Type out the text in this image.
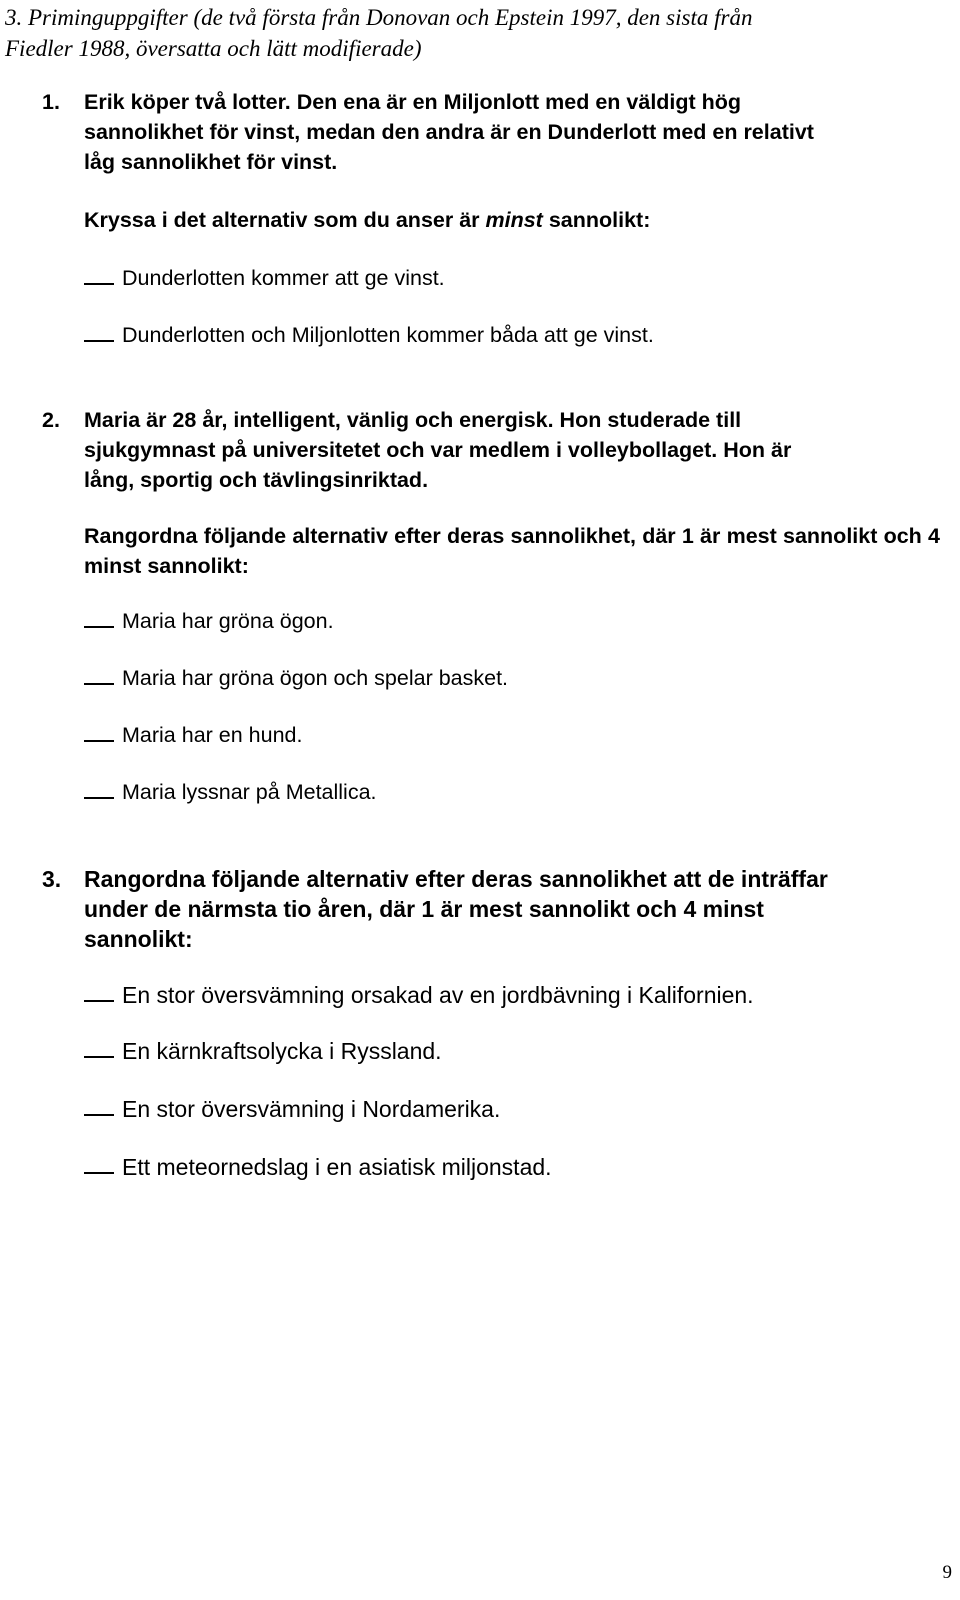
3. Priminguppgifter (de två första från Donovan och Epstein 1997, den sista från

Fiedler 1988, översatta och lätt modifierade)

1. Erik köper två lotter. Den ena är en Miljonlott med en väldigt hög

sannolikhet för vinst, medan den andra är en Dunderlott med en relativt

låg sannolikhet för vinst.

Kryssa i det alternativ som du anser är minst sannolikt:

Dunderlotten kommer att ge vinst.
Dunderlotten och Miljonlotten kommer båda att ge vinst.
2. Maria är 28 år, intelligent, vänlig och energisk. Hon studerade till

sjukgymnast på universitetet och var medlem i volleybollaget. Hon är

lång, sportig och tävlingsinriktad.

Rangordna följande alternativ efter deras sannolikhet, där 1 är mest sannolikt och 4 minst sannolikt:

Maria har gröna ögon.
Maria har gröna ögon och spelar basket.
Maria har en hund.
Maria lyssnar på Metallica.
3. Rangordna följande alternativ efter deras sannolikhet att de inträffar

under de närmsta tio åren, där 1 är mest sannolikt och 4 minst

sannolikt:

En stor översvämning orsakad av en jordbävning i Kalifornien.
En kärnkraftsolycka i Ryssland.
En stor översvämning i Nordamerika.
Ett meteornedslag i en asiatisk miljonstad.
9
